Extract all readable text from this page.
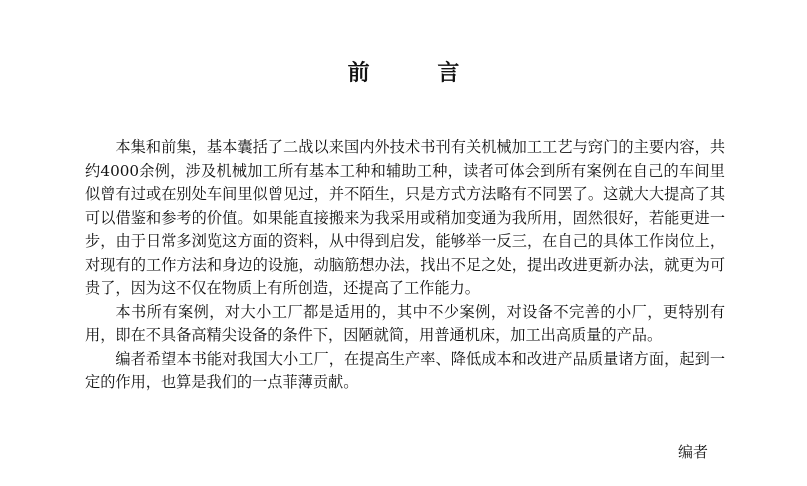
前 言

本集和前集，基本囊括了二战以来国内外技术书刊有关机械加工工艺与窍门的主要内容，共约4000余例，涉及机械加工所有基本工种和辅助工种，读者可体会到所有案例在自己的车间里似曾有过或在别处车间里似曾见过，并不陌生，只是方式方法略有不同罢了。这就大大提高了其可以借鉴和参考的价值。如果能直接搬来为我采用或稍加变通为我所用，固然很好，若能更进一步，由于日常多浏览这方面的资料，从中得到启发，能够举一反三，在自己的具体工作岗位上，对现有的工作方法和身边的设施，动脑筋想办法，找出不足之处，提出改进更新办法，就更为可贵了，因为这不仅在物质上有所创造，还提高了工作能力。

本书所有案例，对大小工厂都是适用的，其中不少案例，对设备不完善的小厂，更特别有用，即在不具备高精尖设备的条件下，因陋就简，用普通机床，加工出高质量的产品。

编者希望本书能对我国大小工厂，在提高生产率、降低成本和改进产品质量诸方面，起到一定的作用，也算是我们的一点菲薄贡献。

编者
